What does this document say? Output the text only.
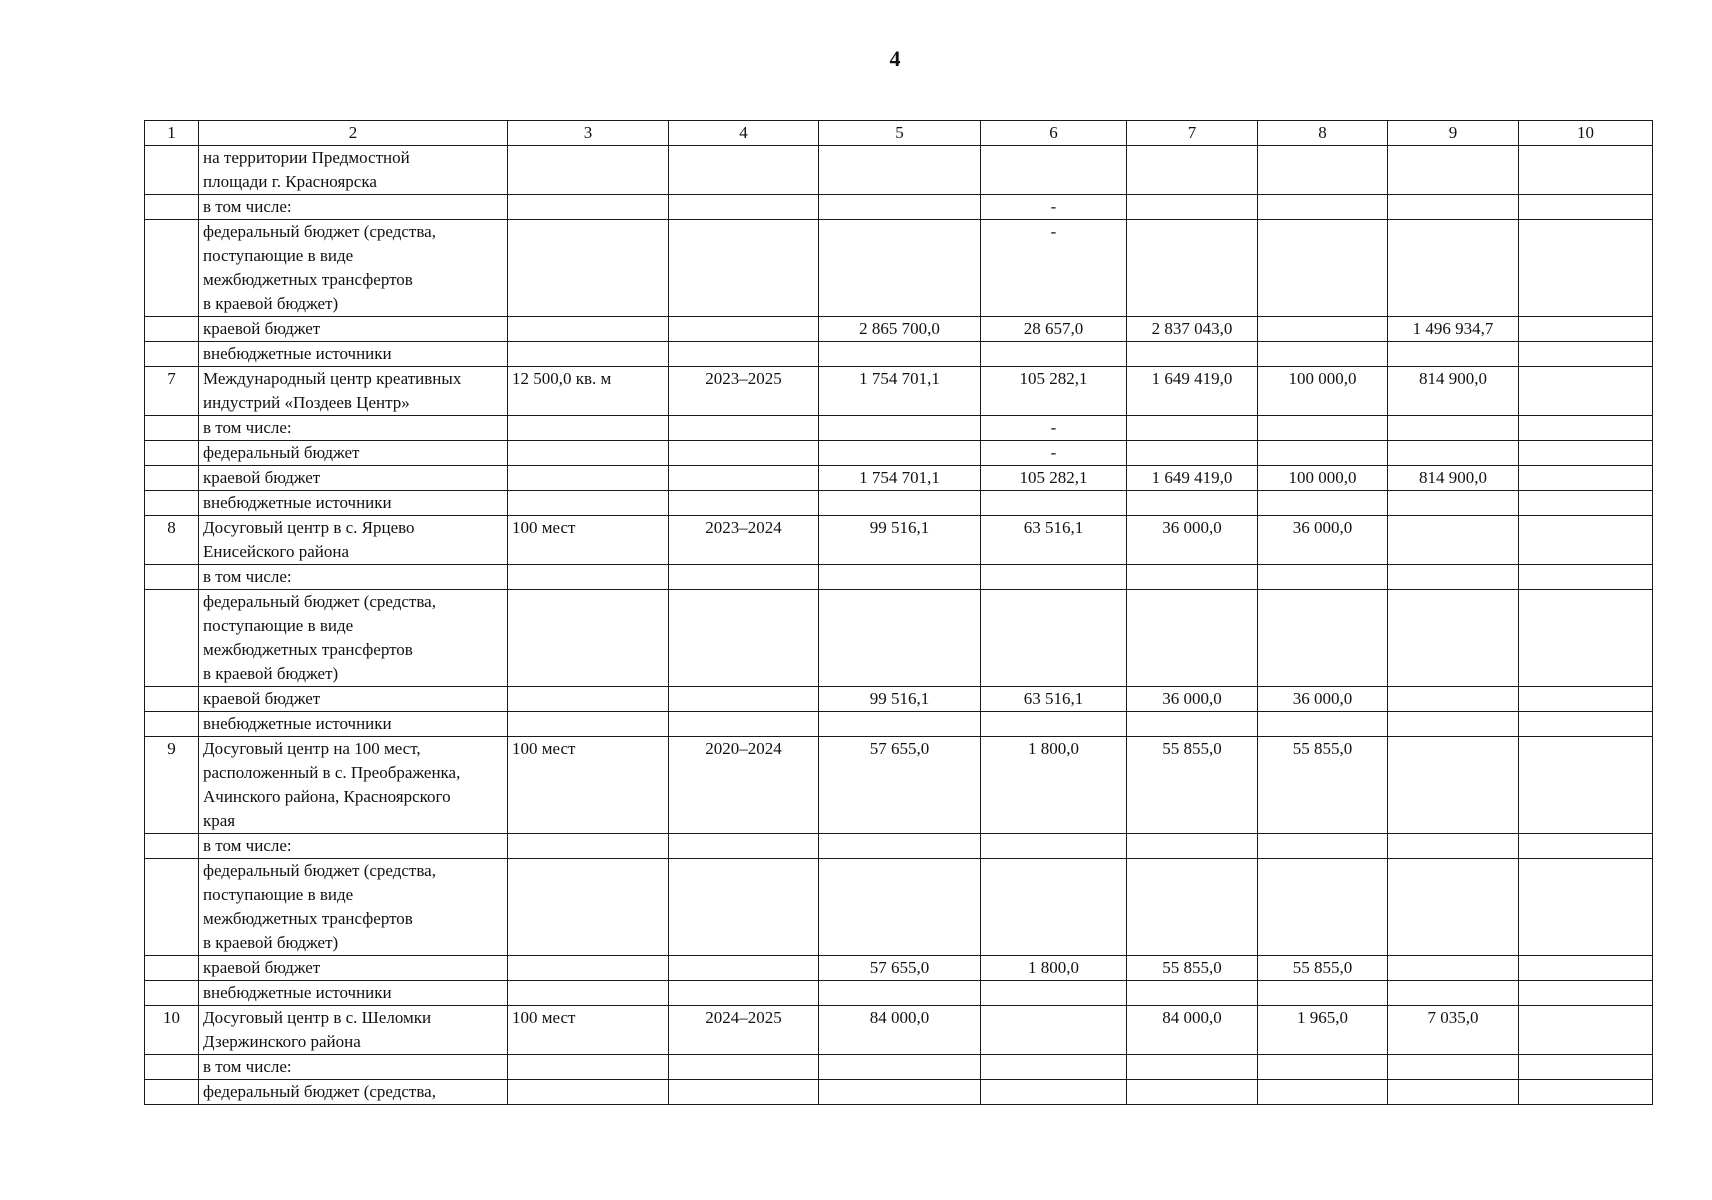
4
1	2	3	4	5	6	7	8	9	10

	на территории Предмостной
площади г. Красноярска								

	в том числе:				-				

	федеральный бюджет (средства,
поступающие в виде
межбюджетных трансфертов
в краевой бюджет)				-				

	краевой бюджет			2 865 700,0	28 657,0	2 837 043,0		1 496 934,7	

	внебюджетные источники								

7	Международный центр креативных
индустрий «Поздеев Центр»	12 500,0 кв. м	2023–2025	1 754 701,1	105 282,1	1 649 419,0	100 000,0	814 900,0	

	в том числе:				-				

	федеральный бюджет				-				

	краевой бюджет			1 754 701,1	105 282,1	1 649 419,0	100 000,0	814 900,0	

	внебюджетные источники								

8	Досуговый центр в с. Ярцево
Енисейского района	100 мест	2023–2024	99 516,1	63 516,1	36 000,0	36 000,0		

	в том числе:								

	федеральный бюджет (средства,
поступающие в виде
межбюджетных трансфертов
в краевой бюджет)								

	краевой бюджет			99 516,1	63 516,1	36 000,0	36 000,0		

	внебюджетные источники								

9	Досуговый центр на 100 мест,
расположенный в с. Преображенка,
Ачинского района, Красноярского
края	100 мест	2020–2024	57 655,0	1 800,0	55 855,0	55 855,0		

	в том числе:								

	федеральный бюджет (средства,
поступающие в виде
межбюджетных трансфертов
в краевой бюджет)								

	краевой бюджет			57 655,0	1 800,0	55 855,0	55 855,0		

	внебюджетные источники								

10	Досуговый центр в с. Шеломки
Дзержинского района	100 мест	2024–2025	84 000,0		84 000,0	1 965,0	7 035,0	

	в том числе:								

	федеральный бюджет (средства,								
